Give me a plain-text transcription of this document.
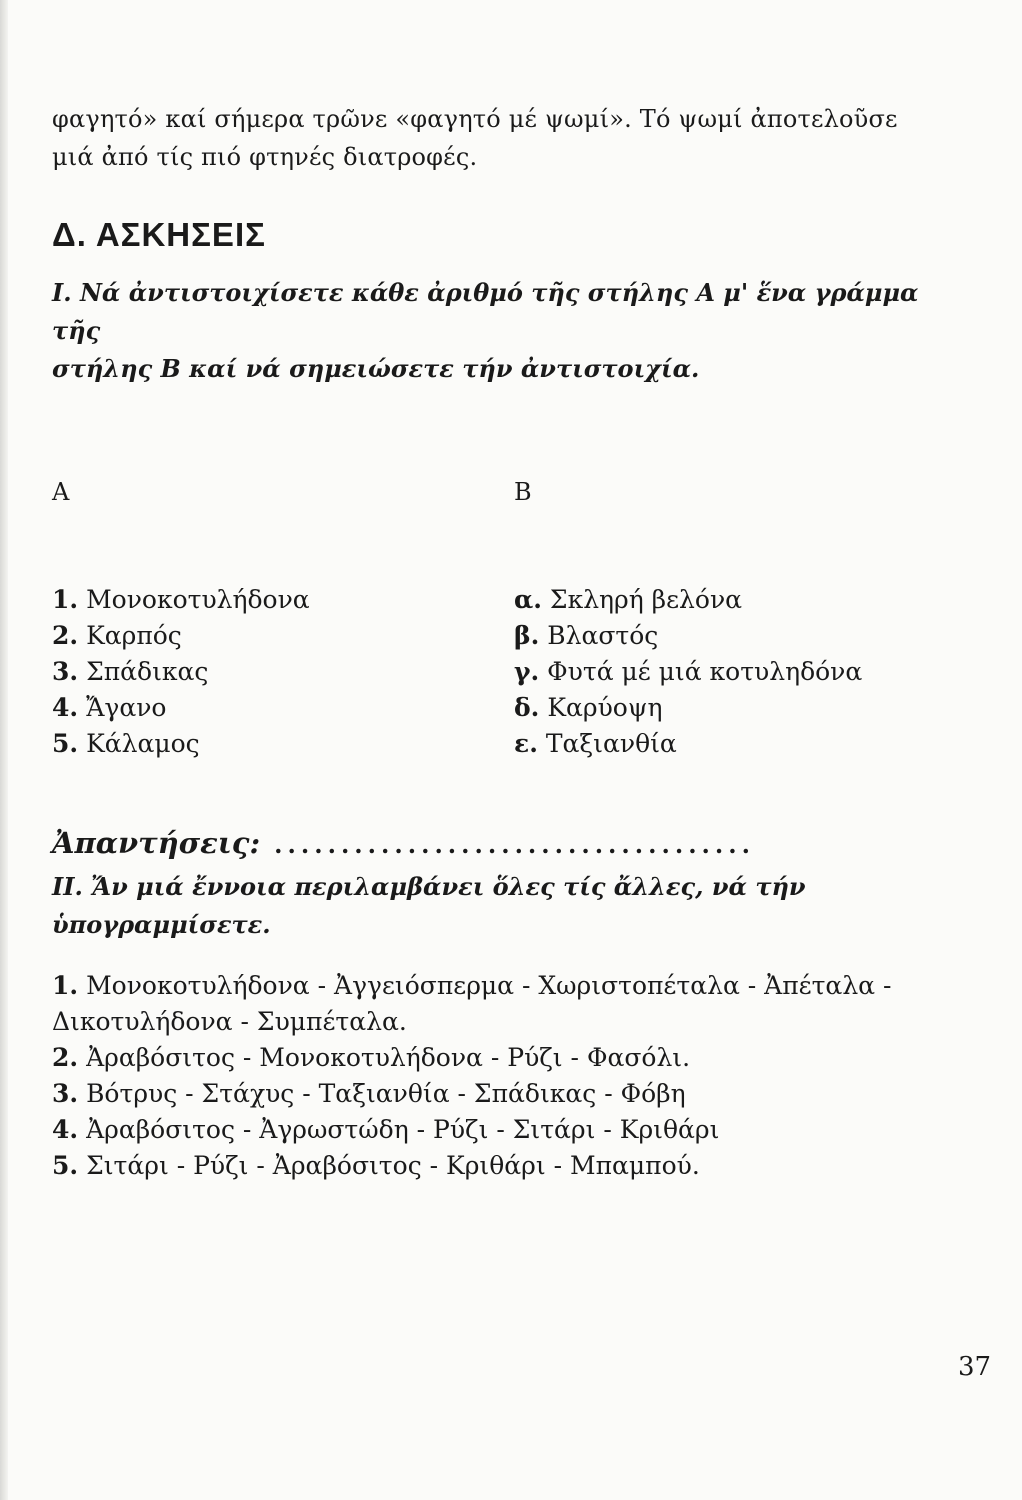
φαγητό» καί σήμερα τρῶνε «φαγητό μέ ψωμί». Τό ψωμί ἀποτελοῦσε
μιά ἀπό τίς πιό φτηνές διατροφές.

Δ. ΑΣΚΗΣΕΙΣ

I. Νά ἀντιστοιχίσετε κάθε ἀριθμό τῆς στήλης Α μ' ἕνα γράμμα τῆς
στήλης Β καί νά σημειώσετε τήν ἀντιστοιχία.

Α	Β
1. Μονοκοτυλήδονα
2. Καρπός
3. Σπάδικας
4. Ἄγανο
5. Κάλαμος
α. Σκληρή βελόνα
β. Βλαστός
γ. Φυτά μέ μιά κοτυληδόνα
δ. Καρύοψη
ε. Ταξιανθία
Ἀπαντήσεις: ....................................

II. Ἄν μιά ἔννοια περιλαμβάνει ὅλες τίς ἄλλες, νά τήν ὑπογραμμίσετε.

1. Μονοκοτυλήδονα - Ἀγγειόσπερμα - Χωριστοπέταλα - Ἀπέταλα - Δικοτυλήδονα - Συμπέταλα.
2. Ἀραβόσιτος - Μονοκοτυλήδονα - Ρύζι - Φασόλι.
3. Βότρυς - Στάχυς - Ταξιανθία - Σπάδικας - Φόβη
4. Ἀραβόσιτος - Ἀγρωστώδη - Ρύζι - Σιτάρι - Κριθάρι
5. Σιτάρι - Ρύζι - Ἀραβόσιτος - Κριθάρι - Μπαμπού.
37
